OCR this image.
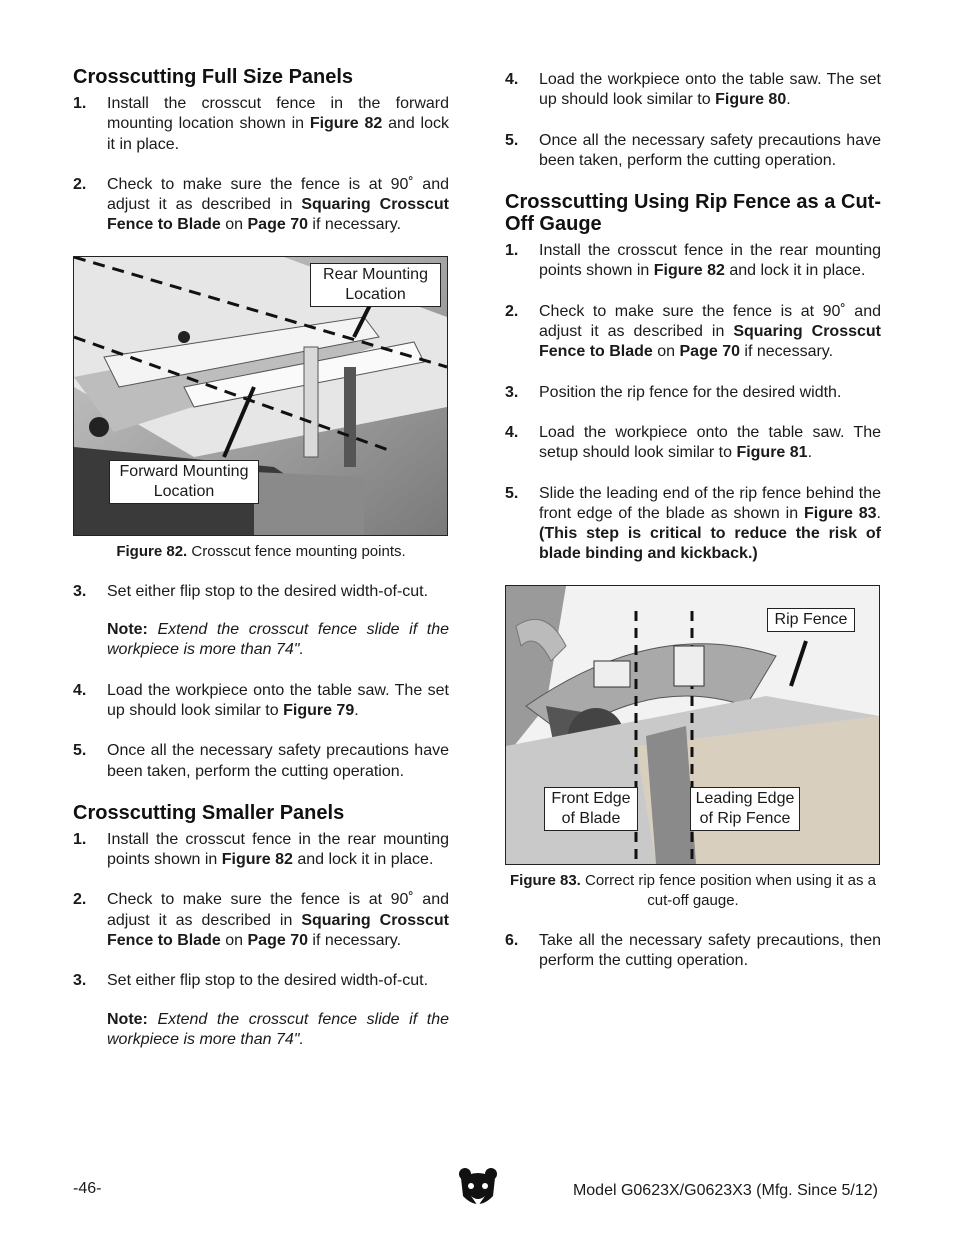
Crosscutting Full Size Panels
1.	Install the crosscut fence in the forward mounting location shown in Figure 82 and lock it in place.
2.	Check to make sure the fence is at 90˚ and adjust it as described in Squaring Crosscut Fence to Blade on Page 70 if necessary.
Rear Mounting
Location
Forward Mounting
Location
Figure 82. Crosscut fence mounting points.
3.	Set either flip stop to the desired width-of-cut.
Note: Extend the crosscut fence slide if the workpiece is more than 74".
4.	Load the workpiece onto the table saw. The set up should look similar to Figure 79.
5.	Once all the necessary safety precautions have been taken, perform the cutting operation.
Crosscutting Smaller Panels
1.	Install the crosscut fence in the rear mounting points shown in Figure 82 and lock it in place.
2.	Check to make sure the fence is at 90˚ and adjust it as described in Squaring Crosscut Fence to Blade on Page 70 if necessary.
3.	Set either flip stop to the desired width-of-cut.
Note: Extend the crosscut fence slide if the workpiece is more than 74".
4.	Load the workpiece onto the table saw. The set up should look similar to Figure 80.
5.	Once all the necessary safety precautions have been taken, perform the cutting operation.
Crosscutting Using Rip Fence as a Cut-Off Gauge
1.	Install the crosscut fence in the rear mounting points shown in Figure 82 and lock it in place.
2.	Check to make sure the fence is at 90˚ and adjust it as described in Squaring Crosscut Fence to Blade on Page 70 if necessary.
3.	Position the rip fence for the desired width.
4.	Load the workpiece onto the table saw. The setup should look similar to Figure 81.
5.	Slide the leading end of the rip fence behind the front edge of the blade as shown in Figure 83. (This step is critical to reduce the risk of blade binding and kickback.)
Rip Fence
Front Edge
of Blade
Leading Edge
of Rip Fence
Figure 83. Correct rip fence position when using it as a cut-off gauge.
6.	Take all the necessary safety precautions, then perform the cutting operation.
-46-	Model G0623X/G0623X3 (Mfg. Since 5/12)
